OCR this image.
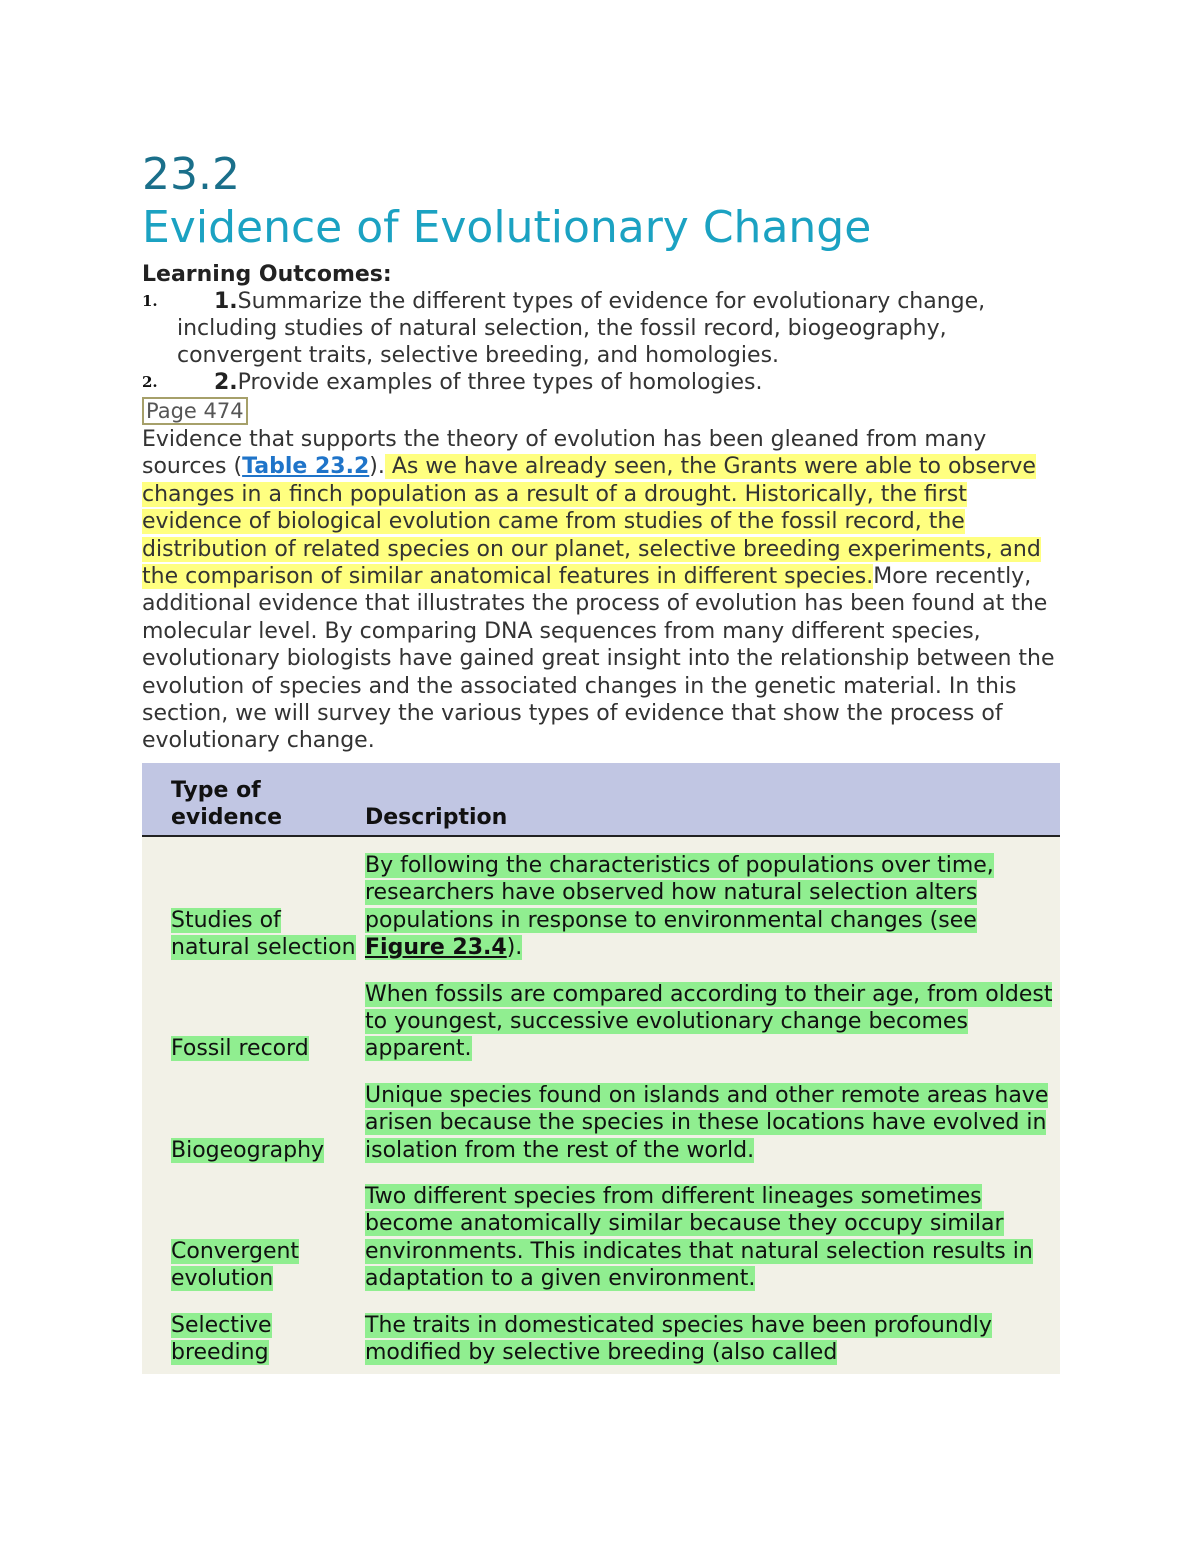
23.2
Evidence of Evolutionary Change
Learning Outcomes:
1.	1.Summarize the different types of evidence for evolutionary change, including studies of natural selection, the fossil record, biogeography, convergent traits, selective breeding, and homologies.
2.	2.Provide examples of three types of homologies.
Page 474

Evidence that supports the theory of evolution has been gleaned from many sources (Table 23.2). As we have already seen, the Grants were able to observe changes in a finch population as a result of a drought. Historically, the first evidence of biological evolution came from studies of the fossil record, the distribution of related species on our planet, selective breeding experiments, and the comparison of similar anatomical features in different species.More recently, additional evidence that illustrates the process of evolution has been found at the molecular level. By comparing DNA sequences from many different species, evolutionary biologists have gained great insight into the relationship between the evolution of species and the associated changes in the genetic material. In this section, we will survey the various types of evidence that show the process of evolutionary change.

Type of evidence	Description
Studies of natural selection	By following the characteristics of populations over time, researchers have observed how natural selection alters populations in response to environmental changes (see Figure 23.4).
Fossil record	When fossils are compared according to their age, from oldest to youngest, successive evolutionary change becomes apparent.
Biogeography	Unique species found on islands and other remote areas have arisen because the species in these locations have evolved in isolation from the rest of the world.
Convergent evolution	Two different species from different lineages sometimes become anatomically similar because they occupy similar environments. This indicates that natural selection results in adaptation to a given environment.
Selective breeding	The traits in domesticated species have been profoundly modified by selective breeding (also called
